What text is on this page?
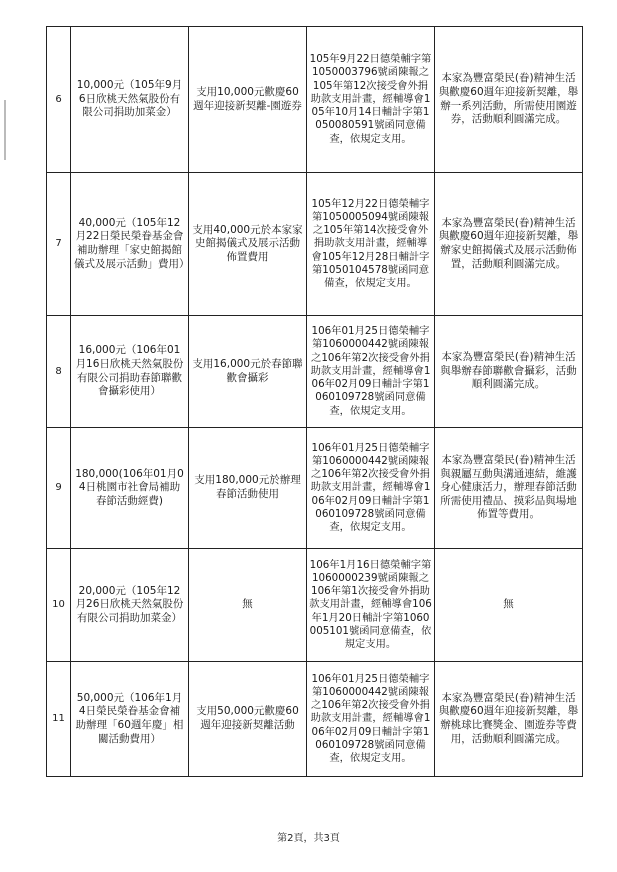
6	10,000元（105年9月6日欣桃天然氣股份有限公司捐助加菜金）	支用10,000元歡慶60週年迎接新契離-園遊券	105年9月22日德榮輔字第1050003796號函陳報之105年第12次接受會外捐助款支用計畫，經輔導會105年10月14日輔計字第1050080591號函同意備查，依規定支用。	本家為豐富榮民(眷)精神生活與歡慶60週年迎接新契離，舉辦一系列活動，所需使用園遊券，活動順利圓滿完成。
7	40,000元（105年12月22日榮民榮眷基金會補助辦理「家史館揭館儀式及展示活動」費用）	支用40,000元於本家家史館揭儀式及展示活動佈置費用	105年12月22日德榮輔字第1050005094號函陳報之105年第14次接受會外捐助款支用計畫，經輔導會105年12月28日輔計字第1050104578號函同意備查，依規定支用。	本家為豐富榮民(眷)精神生活與歡慶60週年迎接新契離，舉辦家史館揭儀式及展示活動佈置，活動順利圓滿完成。
8	16,000元（106年01月16日欣桃天然氣股份有限公司捐助春節聯歡會攝彩使用）	支用16,000元於春節聯歡會攝彩	106年01月25日德榮輔字第1060000442號函陳報之106年第2次接受會外捐助款支用計畫，經輔導會106年02月09日輔計字第1060109728號函同意備查，依規定支用。	本家為豐富榮民(眷)精神生活與舉辦春節聯歡會攝彩，活動順利圓滿完成。
9	180,000(106年01月04日桃園市社會局補助春節活動經費)	支用180,000元於辦理春節活動使用	106年01月25日德榮輔字第1060000442號函陳報之106年第2次接受會外捐助款支用計畫，經輔導會106年02月09日輔計字第1060109728號函同意備查，依規定支用。	本家為豐富榮民(眷)精神生活與親屬互動與溝通連結，維護身心健康活力，辦理春節活動所需使用禮品、摸彩品與場地佈置等費用。
10	20,000元（105年12月26日欣桃天然氣股份有限公司捐助加菜金）	無	106年1月16日德榮輔字第1060000239號函陳報之106年第1次接受會外捐助款支用計畫，經輔導會106年1月20日輔計字第1060005101號函同意備查，依規定支用。	無
11	50,000元（106年1月4日榮民榮眷基金會補助辦理「60週年慶」相關活動費用）	支用50,000元歡慶60週年迎接新契離活動	106年01月25日德榮輔字第1060000442號函陳報之106年第2次接受會外捐助款支用計畫，經輔導會106年02月09日輔計字第1060109728號函同意備查，依規定支用。	本家為豐富榮民(眷)精神生活與歡慶60週年迎接新契離，舉辦桃球比賽獎金、園遊券等費用，活動順利圓滿完成。
第2頁，共3頁
